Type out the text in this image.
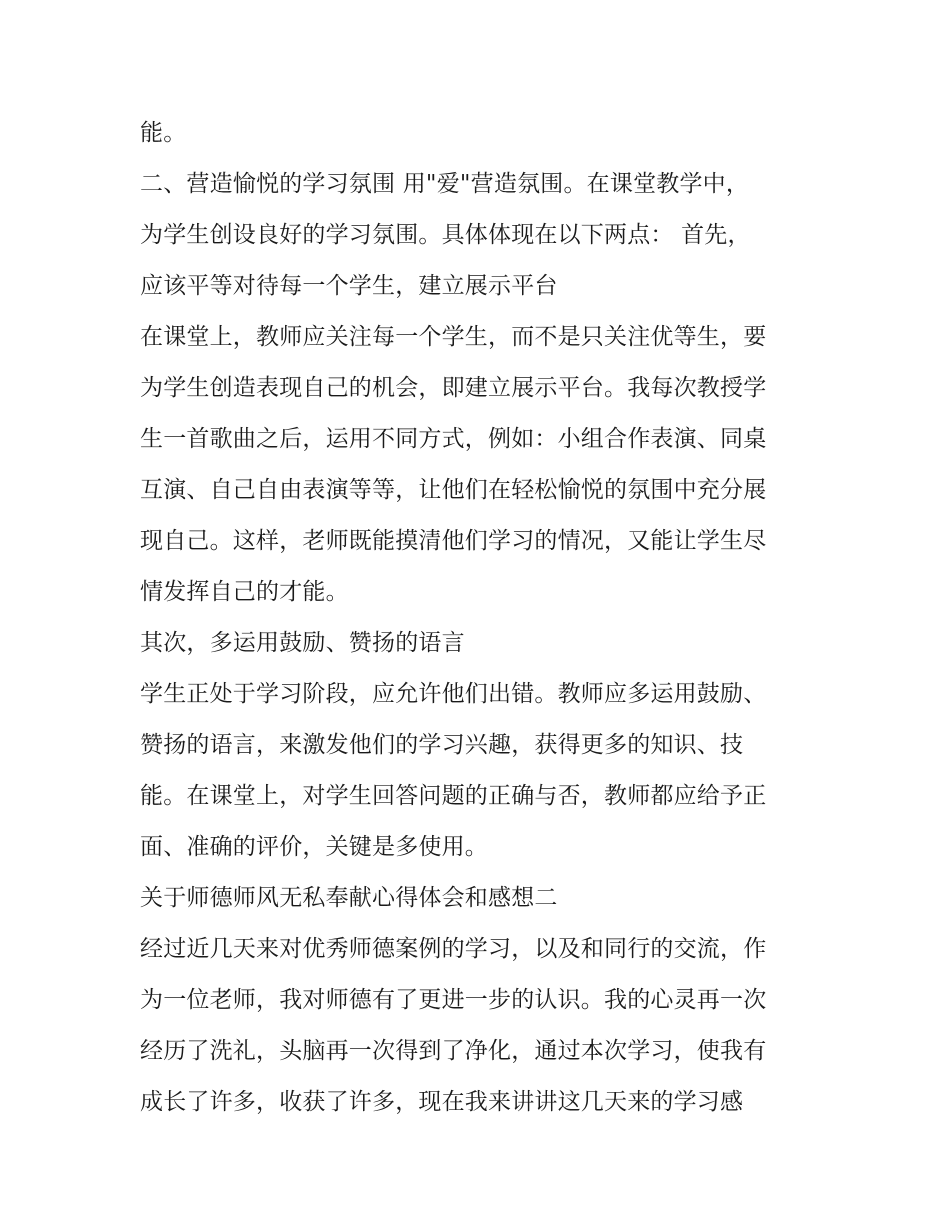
能。
二、营造愉悦的学习氛围 用"爱"营造氛围。在课堂教学中，
为学生创设良好的学习氛围。具体体现在以下两点： 首先，
应该平等对待每一个学生，建立展示平台
在课堂上，教师应关注每一个学生，而不是只关注优等生，要
为学生创造表现自己的机会，即建立展示平台。我每次教授学
生一首歌曲之后，运用不同方式，例如：小组合作表演、同桌
互演、自己自由表演等等，让他们在轻松愉悦的氛围中充分展
现自己。这样，老师既能摸清他们学习的情况，又能让学生尽
情发挥自己的才能。
其次，多运用鼓励、赞扬的语言
学生正处于学习阶段，应允许他们出错。教师应多运用鼓励、
赞扬的语言，来激发他们的学习兴趣，获得更多的知识、技
能。在课堂上，对学生回答问题的正确与否，教师都应给予正
面、准确的评价，关键是多使用。
关于师德师风无私奉献心得体会和感想二
经过近几天来对优秀师德案例的学习，以及和同行的交流，作
为一位老师，我对师德有了更进一步的认识。我的心灵再一次
经历了洗礼，头脑再一次得到了净化，通过本次学习，使我有
成长了许多，收获了许多，现在我来讲讲这几天来的学习感
